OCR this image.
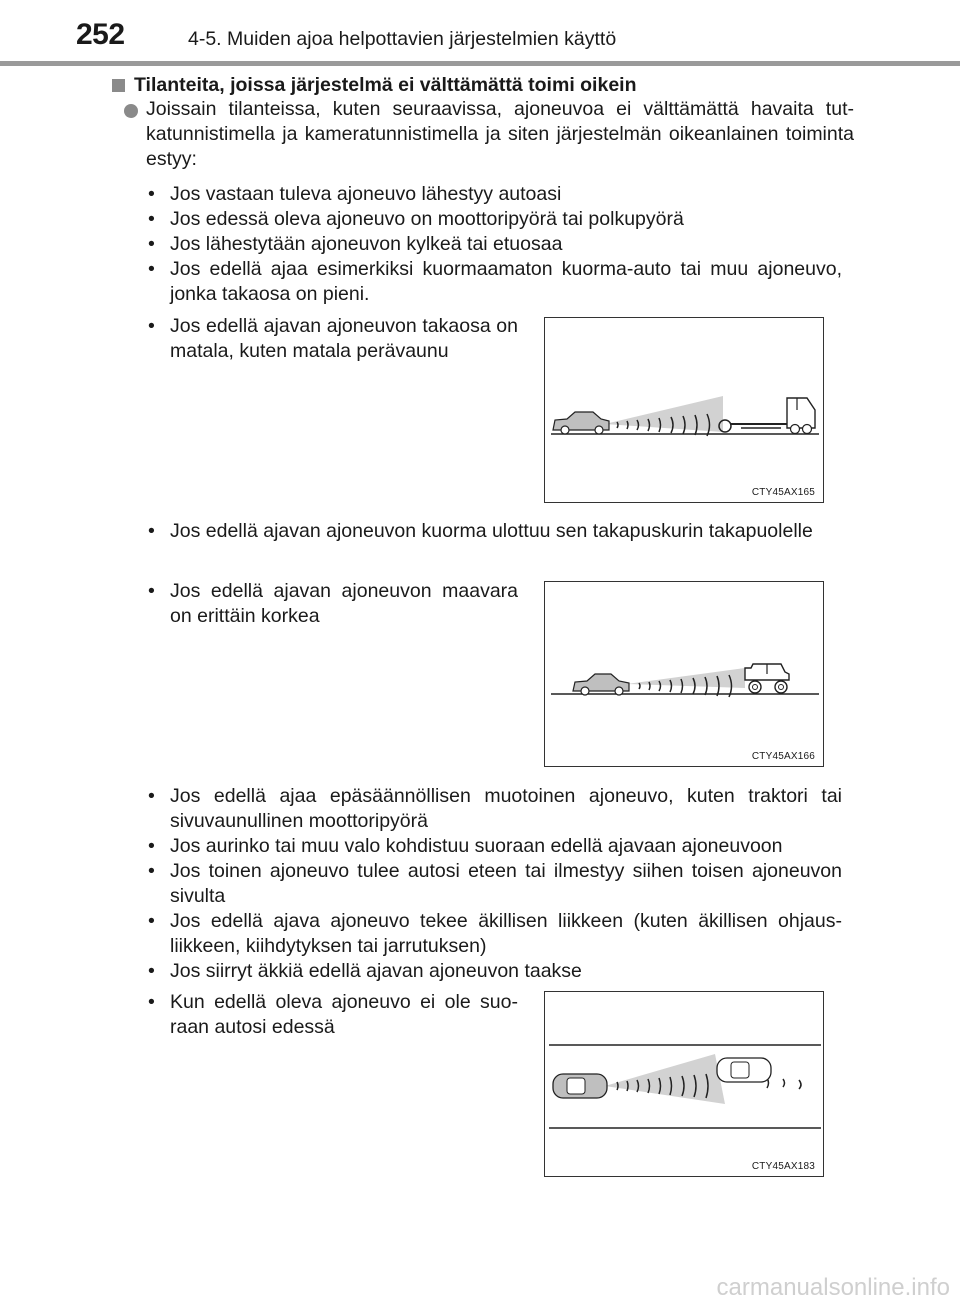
252	4-5. Muiden ajoa helpottavien järjestelmien käyttö
Tilanteita, joissa järjestelmä ei välttämättä toimi oikein
Joissain tilanteissa, kuten seuraavissa, ajoneuvoa ei välttämättä havaita tutkatunnistimella ja kameratunnistimella ja siten järjestelmän oikeanlainen toiminta estyy:
• Jos vastaan tuleva ajoneuvo lähestyy autoasi
• Jos edessä oleva ajoneuvo on moottoripyörä tai polkupyörä
• Jos lähestytään ajoneuvon kylkeä tai etuosaa
• Jos edellä ajaa esimerkiksi kuormaamaton kuorma-auto tai muu ajoneuvo, jonka takaosa on pieni.
• Jos edellä ajavan ajoneuvon takaosa on matala, kuten matala perävaunu
CTY45AX165
• Jos edellä ajavan ajoneuvon kuorma ulottuu sen takapuskurin takapuolelle
• Jos edellä ajavan ajoneuvon maavara on erittäin korkea
CTY45AX166
• Jos edellä ajaa epäsäännöllisen muotoinen ajoneuvo, kuten traktori tai sivuvaunullinen moottoripyörä
• Jos aurinko tai muu valo kohdistuu suoraan edellä ajavaan ajoneuvoon
• Jos toinen ajoneuvo tulee autosi eteen tai ilmestyy siihen toisen ajoneuvon sivulta
• Jos edellä ajava ajoneuvo tekee äkillisen liikkeen (kuten äkillisen ohjausliikkeen, kiihdytyksen tai jarrutuksen)
• Jos siirryt äkkiä edellä ajavan ajoneuvon taakse
• Kun edellä oleva ajoneuvo ei ole suoraan autosi edessä
CTY45AX183
carmanualsonline.info
